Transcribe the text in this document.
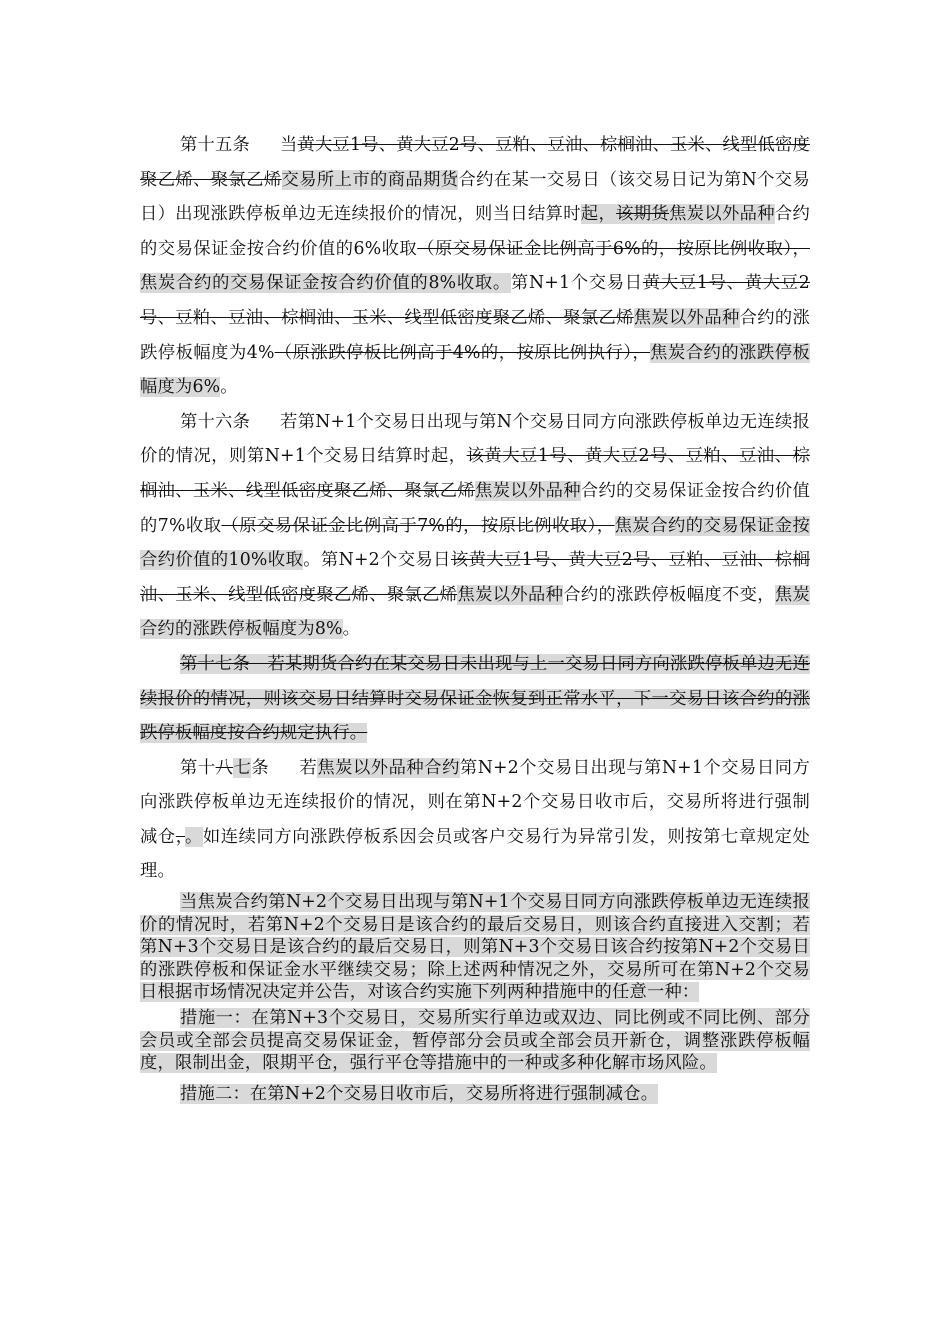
第十五条 当黄大豆1号、黄大豆2号、豆粕、豆油、棕榈油、玉米、线型低密度聚乙烯、聚氯乙烯交易所上市的商品期货合约在某一交易日（该交易日记为第N个交易日）出现涨跌停板单边无连续报价的情况，则当日结算时起，该期货焦炭以外品种合约的交易保证金按合约价值的6%收取（原交易保证金比例高于6%的，按原比例收取），焦炭合约的交易保证金按合约价值的8%收取。第N+1个交易日黄大豆1号、黄大豆2号、豆粕、豆油、棕榈油、玉米、线型低密度聚乙烯、聚氯乙烯焦炭以外品种合约的涨跌停板幅度为4%（原涨跌停板比例高于4%的，按原比例执行），焦炭合约的涨跌停板幅度为6%。

第十六条 若第N+1个交易日出现与第N个交易日同方向涨跌停板单边无连续报价的情况，则第N+1个交易日结算时起，该黄大豆1号、黄大豆2号、豆粕、豆油、棕榈油、玉米、线型低密度聚乙烯、聚氯乙烯焦炭以外品种合约的交易保证金按合约价值的7%收取（原交易保证金比例高于7%的，按原比例收取），焦炭合约的交易保证金按合约价值的10%收取。第N+2个交易日该黄大豆1号、黄大豆2号、豆粕、豆油、棕榈油、玉米、线型低密度聚乙烯、聚氯乙烯焦炭以外品种合约的涨跌停板幅度不变，焦炭合约的涨跌停板幅度为8%。

第十七条　若某期货合约在某交易日未出现与上一交易日同方向涨跌停板单边无连续报价的情况，则该交易日结算时交易保证金恢复到正常水平，下一交易日该合约的涨跌停板幅度按合约规定执行。

第十八七条 若焦炭以外品种合约第N+2个交易日出现与第N+1个交易日同方向涨跌停板单边无连续报价的情况，则在第N+2个交易日收市后，交易所将进行强制减仓，。如连续同方向涨跌停板系因会员或客户交易行为异常引发，则按第七章规定处理。

当焦炭合约第N+2个交易日出现与第N+1个交易日同方向涨跌停板单边无连续报价的情况时，若第N+2个交易日是该合约的最后交易日，则该合约直接进入交割；若第N+3个交易日是该合约的最后交易日，则第N+3个交易日该合约按第N+2个交易日的涨跌停板和保证金水平继续交易；除上述两种情况之外，交易所可在第N+2个交易日根据市场情况决定并公告，对该合约实施下列两种措施中的任意一种：

措施一：在第N+3个交易日，交易所实行单边或双边、同比例或不同比例、部分会员或全部会员提高交易保证金，暂停部分会员或全部会员开新仓，调整涨跌停板幅度，限制出金，限期平仓，强行平仓等措施中的一种或多种化解市场风险。

措施二：在第N+2个交易日收市后，交易所将进行强制减仓。
